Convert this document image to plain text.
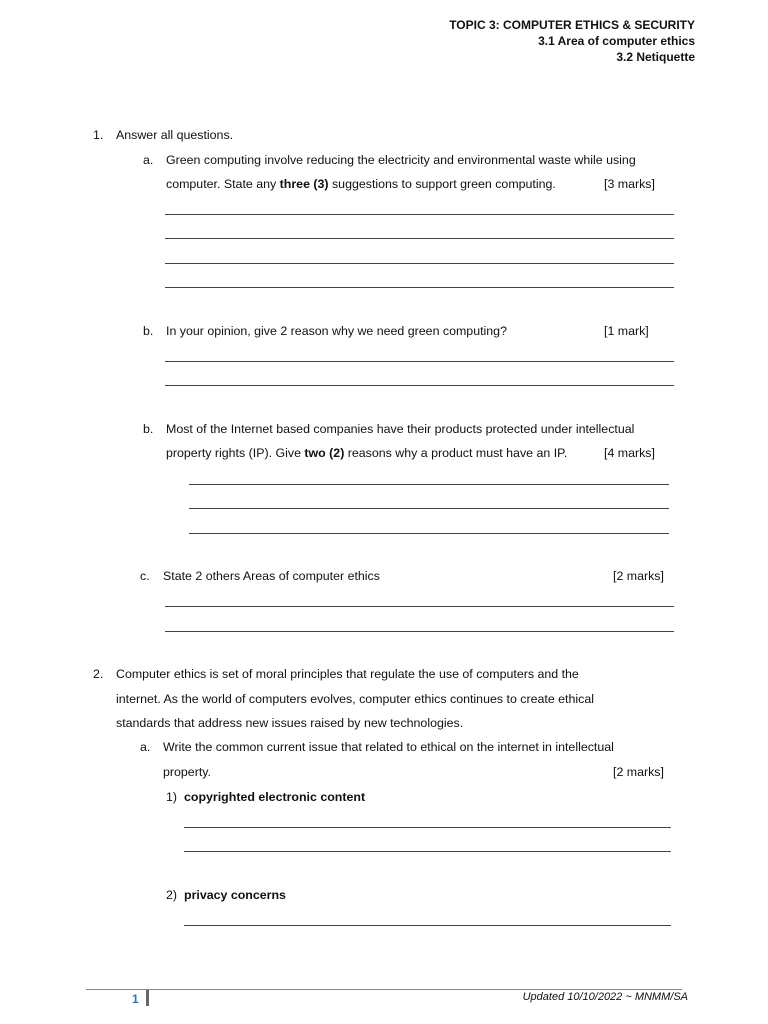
TOPIC 3: COMPUTER ETHICS & SECURITY
3.1 Area of computer ethics
3.2 Netiquette
1. Answer all questions.
a. Green computing involve reducing the electricity and environmental waste while using
computer. State any three (3) suggestions to support green computing.	[3 marks]
b. In your opinion, give 2 reason why we need green computing?	[1 mark]
b. Most of the Internet based companies have their products protected under intellectual
property rights (IP). Give two (2) reasons why a product must have an IP.	[4 marks]
c. State 2 others Areas of computer ethics	[2 marks]
2. Computer ethics is set of moral principles that regulate the use of computers and the
internet. As the world of computers evolves, computer ethics continues to create ethical
standards that address new issues raised by new technologies.
a. Write the common current issue that related to ethical on the internet in intellectual
property.	[2 marks]
1) copyrighted electronic content
2) privacy concerns
1	Updated 10/10/2022 ~ MNMM/SA
